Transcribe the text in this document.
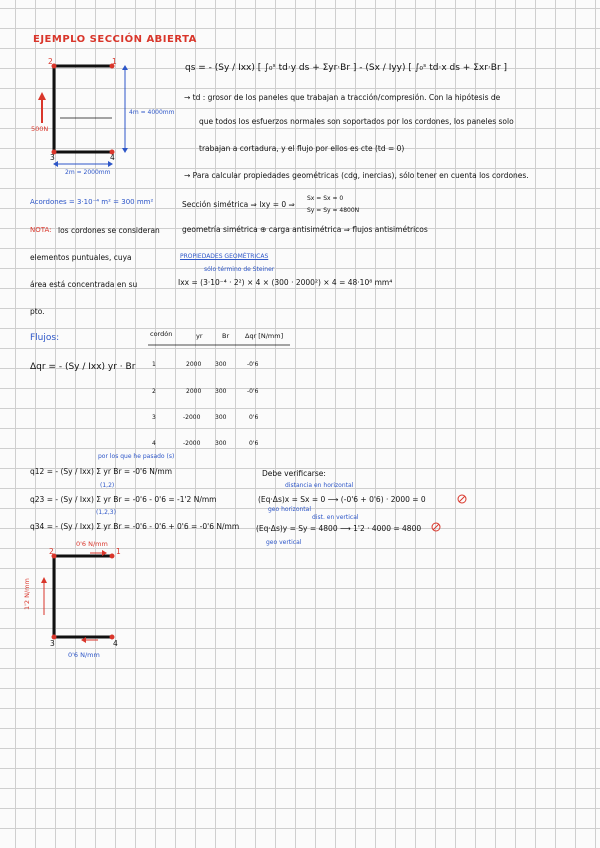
EJEMPLO SECCIÓN ABIERTA
2	1
3	4
500N
4m = 4000mm
2m = 2000mm
qs = - (Sy / Ixx) [ ∫₀ˢ td·y ds + Σyr·Br ] - (Sx / Iyy) [ ∫₀ˢ td·x ds + Σxr·Br ]
→ td : grosor de los paneles que trabajan a tracción/compresión. Con la hipótesis de
que todos los esfuerzos normales son soportados por los cordones, los paneles solo
trabajan a cortadura, y el flujo por ellos es cte (td = 0)
→ Para calcular propiedades geométricas (cdg, inercias), sólo tener en cuenta los cordones.
Sección simétrica ⇒ Ixy = 0 ⇒
Sx = Sx = 0
Sy = Sy = 4800N
geometría simétrica ⊕ carga antisimétrica ⇒ flujos antisimétricos
Acordones = 3·10⁻⁴ m² = 300 mm²
NOTA: los cordones se consideran
elementos puntuales, cuya
área está concentrada en su
pto.
PROPIEDADES GEOMÉTRICAS
sólo término de Steiner
Ixx = (3·10⁻⁴ · 2²) × 4 × (300 · 2000²) × 4 = 48·10⁸ mm⁴
Flujos:
Δqr = - (Sy / Ixx) yr · Br
cordón	yr	Br Δqr [N/mm]
1	2000 300	-0'6
2	2000 300	-0'6
3	-2000 300	0'6
4	-2000 300	0'6
por los que he pasado (s)
q12 = - (Sy / Ixx) Σ yr Br = -0'6 N/mm
(1,2)
q23 = - (Sy / Ixx) Σ yr Br = -0'6 - 0'6 = -1'2 N/mm
(1,2,3)
q34 = - (Sy / Ixx) Σ yr Br = -0'6 - 0'6 + 0'6 = -0'6 N/mm
Debe verificarse:
distancia en horizontal
(Eq·Δs)x = Sx = 0 ⟶ (-0'6 + 0'6) · 2000 = 0
geo horizontal
dist. en vertical
(Eq·Δs)y = Sy = 4800 ⟶ 1'2 · 4000 = 4800
geo vertical
2	1
3	4
0'6 N/mm
1'2 N/mm
0'6 N/mm
